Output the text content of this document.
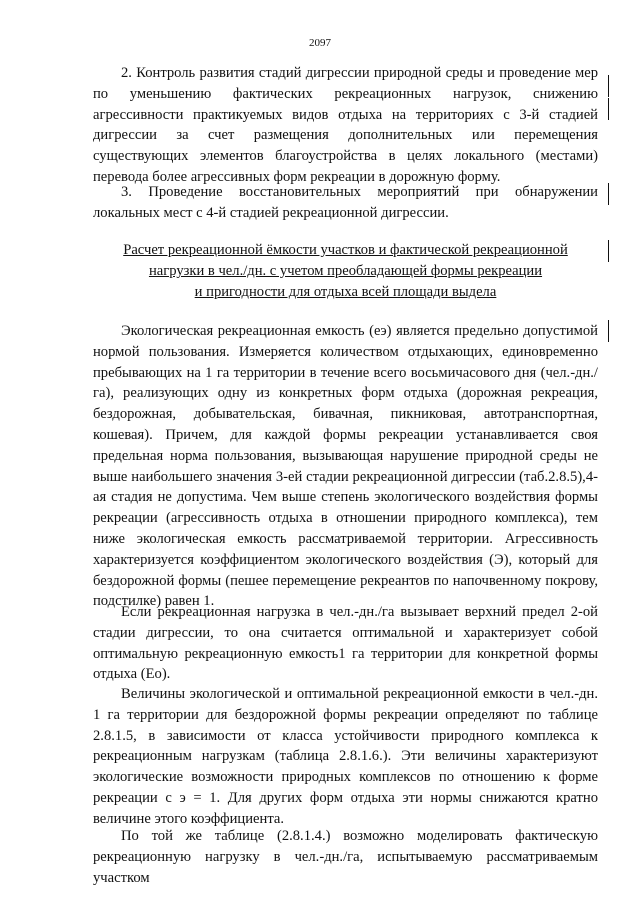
2097

2. Контроль развития стадий дигрессии природной среды и проведение мер по уменьшению фактических рекреационных нагрузок, снижению агрессивности практикуемых видов отдыха на территориях с 3-й стадией дигрессии за счет размещения дополнительных или перемещения существующих элементов благоустройства в целях локального (местами) перевода более агрессивных форм рекреации в дорожную форму.

3. Проведение восстановительных мероприятий при обнаружении локальных мест с 4-й стадией рекреационной дигрессии.

Расчет рекреационной ёмкости участков и фактической рекреационной
нагрузки в чел./дн. с учетом преобладающей формы рекреации
и пригодности для отдыха всей площади выдела

Экологическая рекреационная емкость (eэ) является предельно допустимой нормой пользования. Измеряется количеством отдыхающих, единовременно пребывающих на 1 га территории в течение всего восьмичасового дня (чел.-дн./га), реализующих одну из конкретных форм отдыха (дорожная рекреация, бездорожная, добывательская, бивачная, пикниковая, автотранспортная, кошевая). Причем, для каждой формы рекреации устанавливается своя предельная норма пользования, вызывающая нарушение природной среды не выше наибольшего значения 3-ей стадии рекреационной дигрессии (таб.2.8.5),4-ая стадия не допустима. Чем выше степень экологического воздействия формы рекреации (агрессивность отдыха в отношении природного комплекса), тем ниже экологическая емкость рассматриваемой территории. Агрессивность характеризуется коэффициентом экологического воздействия (Э), который для бездорожной формы (пешее перемещение рекреантов по напочвенному покрову, подстилке) равен 1.

Если рекреационная нагрузка в чел.-дн./га вызывает верхний предел 2-ой стадии дигрессии, то она считается оптимальной и характеризует собой оптимальную рекреационную емкость1 га территории для конкретной формы отдыха (Ео).

Величины экологической и оптимальной рекреационной емкости в чел.-дн. 1 га территории для бездорожной формы рекреации определяют по таблице 2.8.1.5, в зависимости от класса устойчивости природного комплекса к рекреационным нагрузкам (таблица 2.8.1.6.). Эти величины характеризуют экологические возможности природных комплексов по отношению к форме рекреации с э = 1. Для других форм отдыха эти нормы снижаются кратно величине этого коэффициента.

По той же таблице (2.8.1.4.) возможно моделировать фактическую рекреационную нагрузку в чел.-дн./га, испытываемую рассматриваемым участком
